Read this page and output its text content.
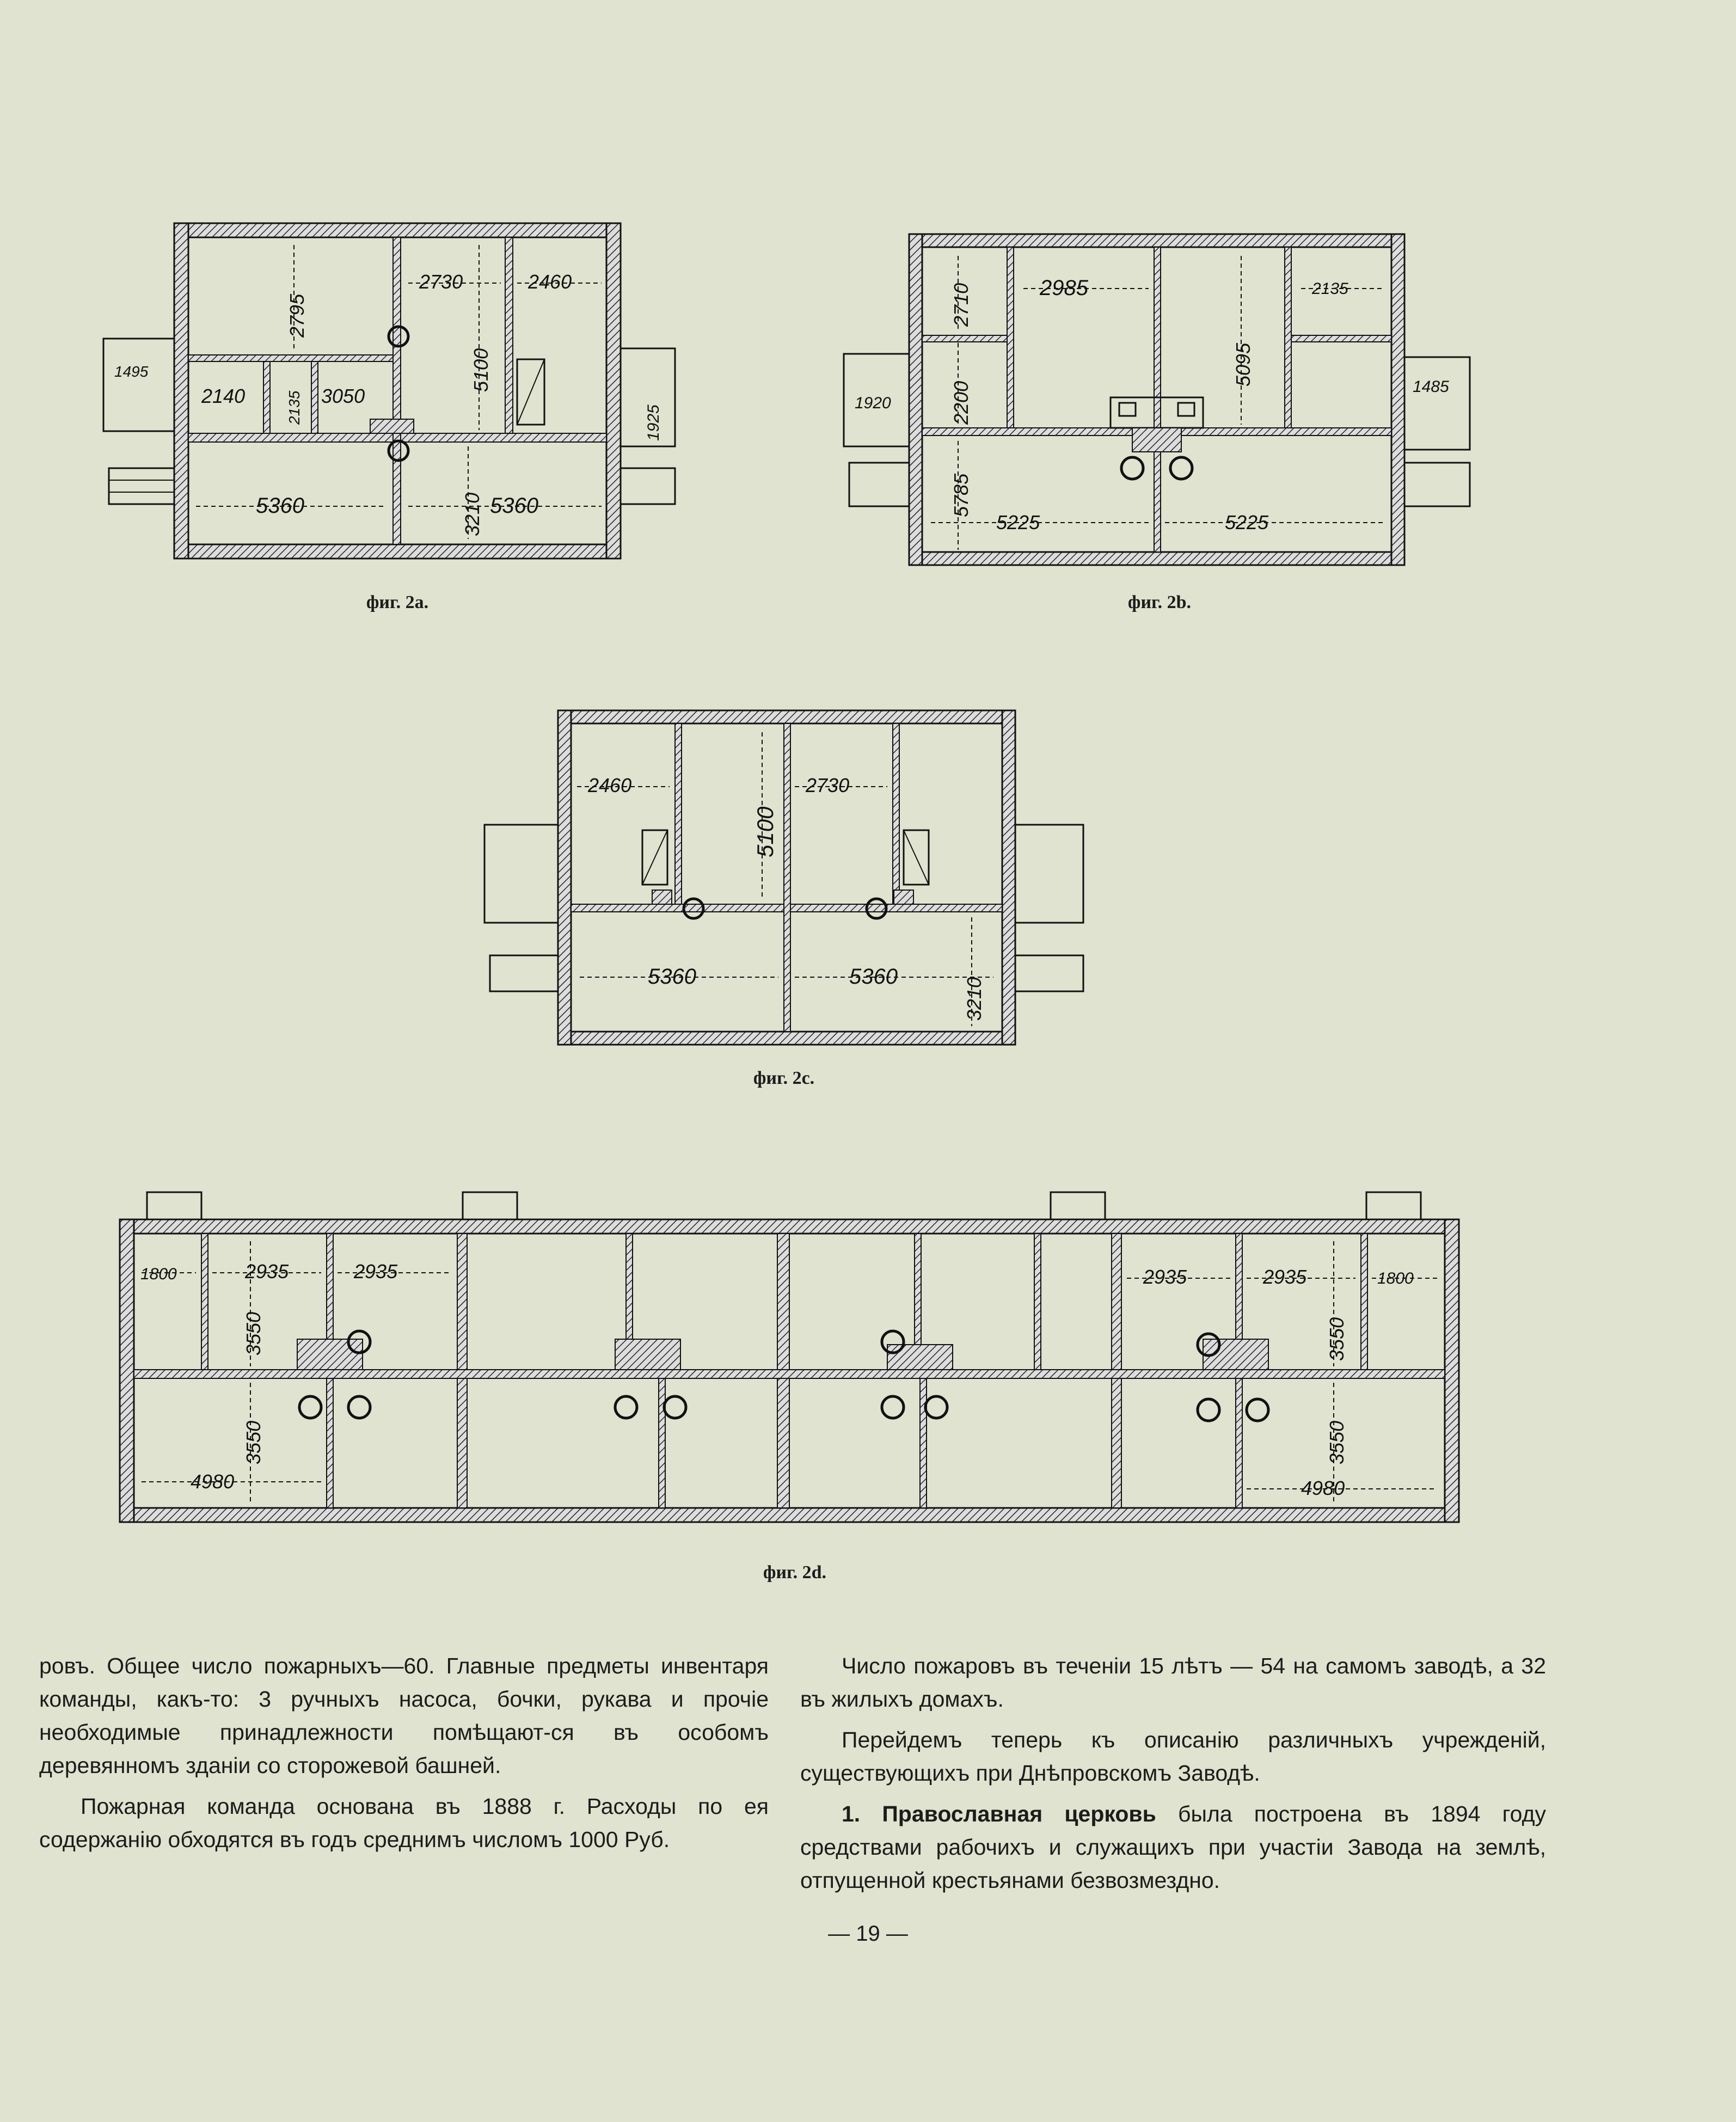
2795
2730	2460
5100
1495
2140	2135 3050
1925
5360	3210 5360
фиг. 2а.
2710	2985
5095
2135
2200
1920
1485
5785
5225	5225
фиг. 2b.
2460
5100
2730
5360	5360
3210
фиг. 2с.
1800	2935	2935
3550
3550
4980
2935	2935	1800
3550
3550
4980
фиг. 2d.

ровъ. Общее число пожарныхъ—60. Главные предметы инвентаря команды, какъ-то: 3 ручныхъ насоса, бочки, рукава и прочiе необходимые принадлежности помѣщают-ся въ особомъ деревянномъ зданiи со сторожевой башней.

Пожарная команда основана въ 1888 г. Расходы по ея содержанiю обходятся въ годъ среднимъ числомъ 1000 Руб.

Число пожаровъ въ теченiи 15 лѣтъ — 54 на самомъ заводѣ, а 32 въ жилыхъ домахъ.

Перейдемъ теперь къ описанiю различныхъ учрежденiй, существующихъ при Днѣпровскомъ Заводѣ.

1. Православная церковь была построена въ 1894 году средствами рабочихъ и служащихъ при участiи Завода на землѣ, отпущенной крестьянами безвозмездно.

— 19 —
